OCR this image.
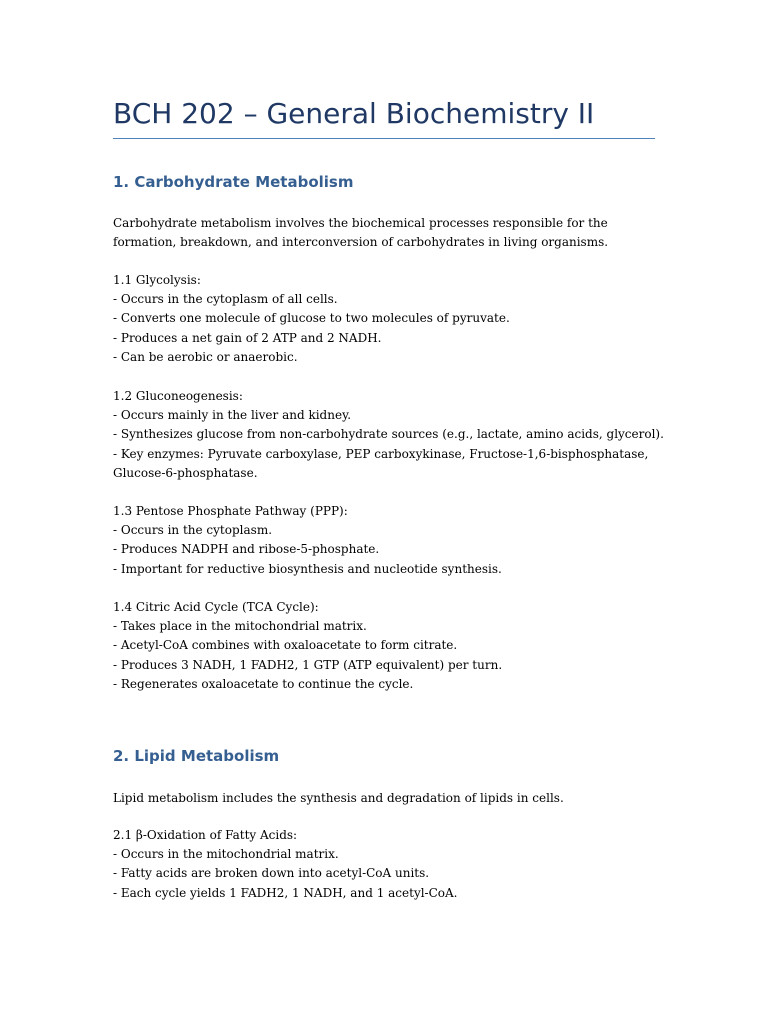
BCH 202 – General Biochemistry II
1. Carbohydrate Metabolism
Carbohydrate metabolism involves the biochemical processes responsible for the
formation, breakdown, and interconversion of carbohydrates in living organisms.
1.1 Glycolysis:
- Occurs in the cytoplasm of all cells.
- Converts one molecule of glucose to two molecules of pyruvate.
- Produces a net gain of 2 ATP and 2 NADH.
- Can be aerobic or anaerobic.
1.2 Gluconeogenesis:
- Occurs mainly in the liver and kidney.
- Synthesizes glucose from non-carbohydrate sources (e.g., lactate, amino acids, glycerol).
- Key enzymes: Pyruvate carboxylase, PEP carboxykinase, Fructose-1,6-bisphosphatase,
Glucose-6-phosphatase.
1.3 Pentose Phosphate Pathway (PPP):
- Occurs in the cytoplasm.
- Produces NADPH and ribose-5-phosphate.
- Important for reductive biosynthesis and nucleotide synthesis.
1.4 Citric Acid Cycle (TCA Cycle):
- Takes place in the mitochondrial matrix.
- Acetyl-CoA combines with oxaloacetate to form citrate.
- Produces 3 NADH, 1 FADH2, 1 GTP (ATP equivalent) per turn.
- Regenerates oxaloacetate to continue the cycle.
2. Lipid Metabolism
Lipid metabolism includes the synthesis and degradation of lipids in cells.
2.1 β-Oxidation of Fatty Acids:
- Occurs in the mitochondrial matrix.
- Fatty acids are broken down into acetyl-CoA units.
- Each cycle yields 1 FADH2, 1 NADH, and 1 acetyl-CoA.
